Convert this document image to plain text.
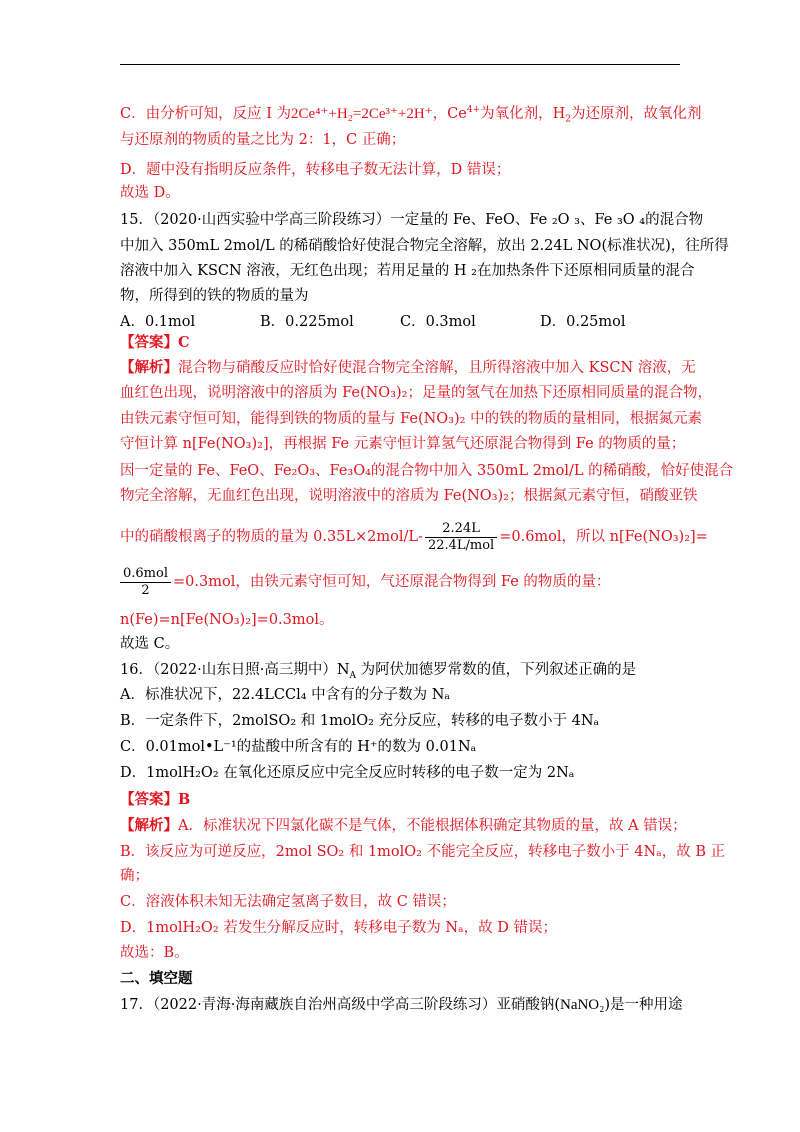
C．由分析可知，反应 I 为2Ce⁴⁺+H₂=2Ce³⁺+2H⁺，$Ce^{4+}$为氧化剂，$H_2$为还原剂，故氧化剂
与还原剂的物质的量之比为 2：1，C 正确；
D．题中没有指明反应条件，转移电子数无法计算，D 错误；
故选 D。
15．（2020·山西实验中学高三阶段练习）一定量的 Fe、FeO、Fe ₂O ₃、Fe ₃O ₄的混合物
中加入 350mL 2mol/L 的稀硝酸恰好使混合物完全溶解，放出 2.24L NO(标准状况)，往所得
溶液中加入 KSCN 溶液，无红色出现；若用足量的 H ₂在加热条件下还原相同质量的混合
物，所得到的铁的物质的量为
A．0.1mol	B．0.225mol	C．0.3mol	D．0.25mol
【答案】C
【解析】混合物与硝酸反应时恰好使混合物完全溶解，且所得溶液中加入 KSCN 溶液，无
血红色出现，说明溶液中的溶质为 Fe(NO₃)₂；足量的氢气在加热下还原相同质量的混合物，
由铁元素守恒可知，能得到铁的物质的量与 Fe(NO₃)₂ 中的铁的物质的量相同，根据氮元素
守恒计算 n[Fe(NO₃)₂]，再根据 Fe 元素守恒计算氢气还原混合物得到 Fe 的物质的量；
因一定量的 Fe、FeO、Fe₂O₃、Fe₃O₄的混合物中加入 350mL 2mol/L 的稀硝酸，恰好使混合
物完全溶解，无血红色出现，说明溶液中的溶质为 Fe(NO₃)₂；根据氮元素守恒，硝酸亚铁
中的硝酸根离子的物质的量为 $0.35L\times 2mol/L- \frac{2.24L}{\text{22.4L/mol}} =0.6mol$，所以 n[Fe(NO₃)₂]=
$\frac{\text{0.6mol}}{2} =0.3mol$，由铁元素守恒可知，气还原混合物得到 Fe 的物质的量：
n(Fe)=n[Fe(NO₃)₂]=0.3mol。
故选 C。
16．（2022·山东日照·高三期中）$N_A$ 为阿伏加德罗常数的值，下列叙述正确的是
A．标准状况下，22.4LCCl₄ 中含有的分子数为 Nₐ
B．一定条件下，2molSO₂ 和 1molO₂ 充分反应，转移的电子数小于 4Nₐ
C．0.01mol•L⁻¹的盐酸中所含有的 H⁺的数为 0.01Nₐ
D．1molH₂O₂ 在氧化还原反应中完全反应时转移的电子数一定为 2Nₐ
【答案】B
【解析】A．标准状况下四氯化碳不是气体，不能根据体积确定其物质的量，故 A 错误；
B．该反应为可逆反应，2mol SO₂ 和 1molO₂ 不能完全反应，转移电子数小于 4Nₐ，故 B 正
确；
C．溶液体积未知无法确定氢离子数目，故 C 错误；
D．1molH₂O₂ 若发生分解反应时，转移电子数为 Nₐ，故 D 错误；
故选：B。
二、填空题
17．（2022·青海·海南藏族自治州高级中学高三阶段练习）亚硝酸钠(NaNO₂)是一种用途
